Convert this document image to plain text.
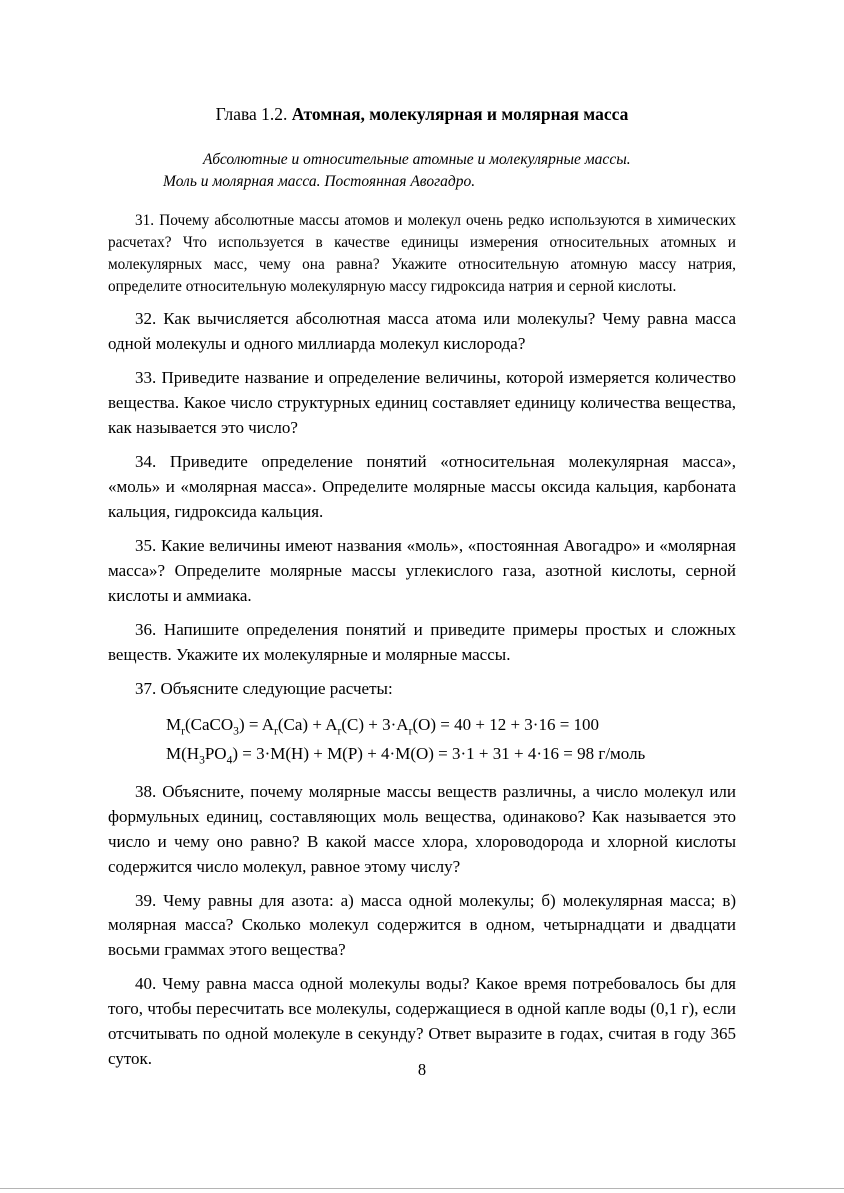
Глава 1.2. Атомная, молекулярная и молярная масса

Абсолютные и относительные атомные и молекулярные массы.
Моль и молярная масса. Постоянная Авогадро.

31. Почему абсолютные массы атомов и молекул очень редко используются в химических расчетах? Что используется в качестве единицы измерения относительных атомных и молекулярных масс, чему она равна? Укажите относительную атомную массу натрия, определите относительную молекулярную массу гидроксида натрия и серной кислоты.

32. Как вычисляется абсолютная масса атома или молекулы? Чему равна масса одной молекулы и одного миллиарда молекул кислорода?

33. Приведите название и определение величины, которой измеряется количество вещества. Какое число структурных единиц составляет единицу количества вещества, как называется это число?

34. Приведите определение понятий «относительная молекулярная масса», «моль» и «молярная масса». Определите молярные массы оксида кальция, карбоната кальция, гидроксида кальция.

35. Какие величины имеют названия «моль», «постоянная Авогадро» и «молярная масса»? Определите молярные массы углекислого газа, азотной кислоты, серной кислоты и аммиака.

36. Напишите определения понятий и приведите примеры простых и сложных веществ. Укажите их молекулярные и молярные массы.

37. Объясните следующие расчеты:

$M_r(CaCO_3) = A_r(Ca) + A_r(C) + 3\cdot A_r(O) = 40 + 12 + 3\cdot 16 = 100$
$M(H_3PO_4) = 3\cdot M(H) + M(P) + 4\cdot M(O) = 3\cdot 1 + 31 + 4\cdot 16 = 98$ г/моль

38. Объясните, почему молярные массы веществ различны, а число молекул или формульных единиц, составляющих моль вещества, одинаково? Как называется это число и чему оно равно? В какой массе хлора, хлороводорода и хлорной кислоты содержится число молекул, равное этому числу?

39. Чему равны для азота: а) масса одной молекулы; б) молекулярная масса; в) молярная масса? Сколько молекул содержится в одном, четырнадцати и двадцати восьми граммах этого вещества?

40. Чему равна масса одной молекулы воды? Какое время потребовалось бы для того, чтобы пересчитать все молекулы, содержащиеся в одной капле воды (0,1 г), если отсчитывать по одной молекуле в секунду? Ответ выразите в годах, считая в году 365 суток.

8
